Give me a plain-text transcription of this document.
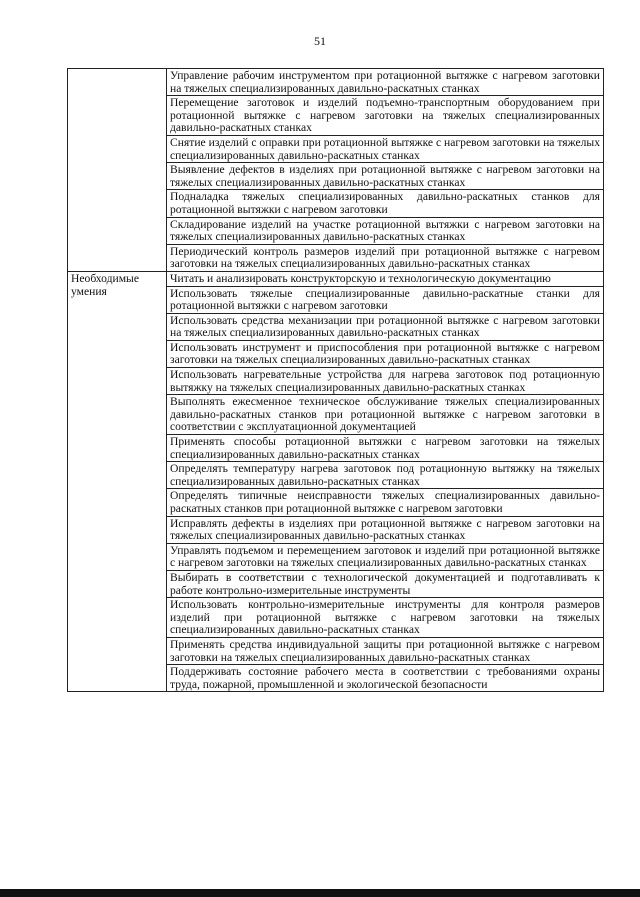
51
	Управление рабочим инструментом при ротационной вытяжке с нагревом заготовки на тяжелых специализированных давильно-раскатных станках
	Перемещение заготовок и изделий подъемно-транспортным оборудованием при ротационной вытяжке с нагревом заготовки на тяжелых специализированных давильно-раскатных станках
	Снятие изделий с оправки при ротационной вытяжке с нагревом заготовки на тяжелых специализированных давильно-раскатных станках
	Выявление дефектов в изделиях при ротационной вытяжке с нагревом заготовки на тяжелых специализированных давильно-раскатных станках
	Подналадка тяжелых специализированных давильно-раскатных станков для ротационной вытяжки с нагревом заготовки
	Складирование изделий на участке ротационной вытяжки с нагревом заготовки на тяжелых специализированных давильно-раскатных станках
	Периодический контроль размеров изделий при ротационной вытяжке с нагревом заготовки на тяжелых специализированных давильно-раскатных станках
Необходимые умения	Читать и анализировать конструкторскую и технологическую документацию
	Использовать тяжелые специализированные давильно-раскатные станки для ротационной вытяжки с нагревом заготовки
	Использовать средства механизации при ротационной вытяжке с нагревом заготовки на тяжелых специализированных давильно-раскатных станках
	Использовать инструмент и приспособления при ротационной вытяжке с нагревом заготовки на тяжелых специализированных давильно-раскатных станках
	Использовать нагревательные устройства для нагрева заготовок под ротационную вытяжку на тяжелых специализированных давильно-раскатных станках
	Выполнять ежесменное техническое обслуживание тяжелых специализированных давильно-раскатных станков при ротационной вытяжке с нагревом заготовки в соответствии с эксплуатационной документацией
	Применять способы ротационной вытяжки с нагревом заготовки на тяжелых специализированных давильно-раскатных станках
	Определять температуру нагрева заготовок под ротационную вытяжку на тяжелых специализированных давильно-раскатных станках
	Определять типичные неисправности тяжелых специализированных давильно-раскатных станков при ротационной вытяжке с нагревом заготовки
	Исправлять дефекты в изделиях при ротационной вытяжке с нагревом заготовки на тяжелых специализированных давильно-раскатных станках
	Управлять подъемом и перемещением заготовок и изделий при ротационной вытяжке с нагревом заготовки на тяжелых специализированных давильно-раскатных станках
	Выбирать в соответствии с технологической документацией и подготавливать к работе контрольно-измерительные инструменты
	Использовать контрольно-измерительные инструменты для контроля размеров изделий при ротационной вытяжке с нагревом заготовки на тяжелых специализированных давильно-раскатных станках
	Применять средства индивидуальной защиты при ротационной вытяжке с нагревом заготовки на тяжелых специализированных давильно-раскатных станках
	Поддерживать состояние рабочего места в соответствии с требованиями охраны труда, пожарной, промышленной и экологической безопасности
